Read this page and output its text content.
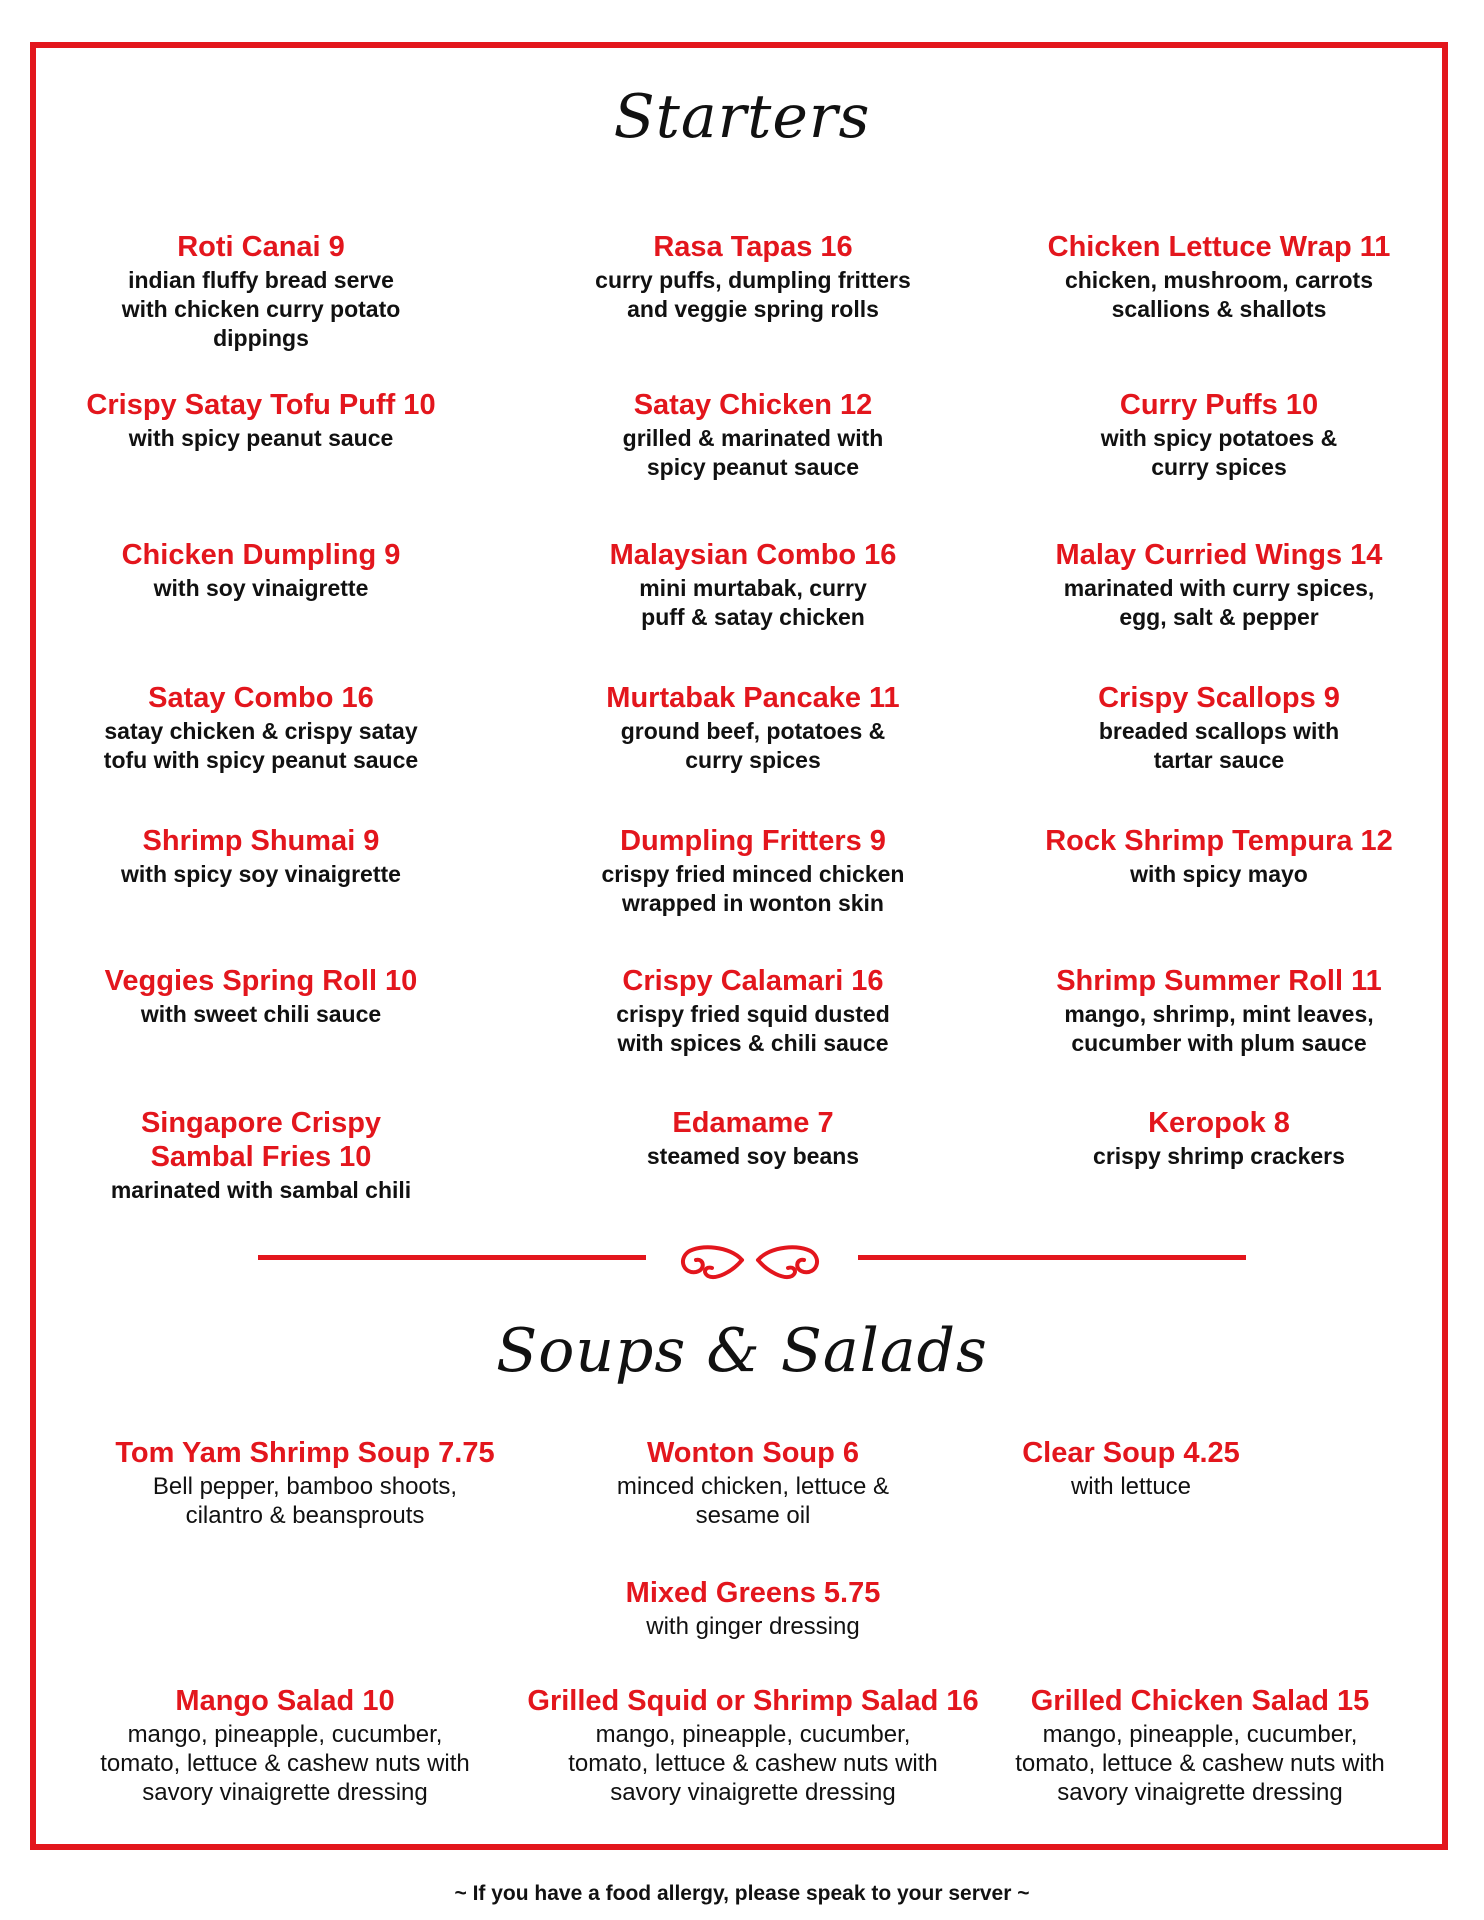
Starters
Roti Canai 9
indian fluffy bread serve with chicken curry potato dippings
Rasa Tapas 16
curry puffs, dumpling fritters and veggie spring rolls
Chicken Lettuce Wrap 11
chicken, mushroom, carrots scallions & shallots
Crispy Satay Tofu Puff 10
with spicy peanut sauce
Satay Chicken 12
grilled & marinated with spicy peanut sauce
Curry Puffs 10
with spicy potatoes & curry spices
Chicken Dumpling 9
with soy vinaigrette
Malaysian Combo 16
mini murtabak, curry puff & satay chicken
Malay Curried Wings 14
marinated with curry spices, egg, salt & pepper
Satay Combo 16
satay chicken & crispy satay tofu with spicy peanut sauce
Murtabak Pancake 11
ground beef, potatoes & curry spices
Crispy Scallops 9
breaded scallops with tartar sauce
Shrimp Shumai 9
with spicy soy vinaigrette
Dumpling Fritters 9
crispy fried minced chicken wrapped in wonton skin
Rock Shrimp Tempura 12
with spicy mayo
Veggies Spring Roll 10
with sweet chili sauce
Crispy Calamari 16
crispy fried squid dusted with spices & chili sauce
Shrimp Summer Roll 11
mango, shrimp, mint leaves, cucumber with plum sauce
Singapore Crispy Sambal Fries 10
marinated with sambal chili
Edamame 7
steamed soy beans
Keropok 8
crispy shrimp crackers
Soups & Salads
Tom Yam Shrimp Soup 7.75
Bell pepper, bamboo shoots, cilantro & beansprouts
Wonton Soup 6
minced chicken, lettuce & sesame oil
Clear Soup 4.25
with lettuce
Mixed Greens 5.75
with ginger dressing
Mango Salad 10
mango, pineapple, cucumber, tomato, lettuce & cashew nuts with savory vinaigrette dressing
Grilled Squid or Shrimp Salad 16
mango, pineapple, cucumber, tomato, lettuce & cashew nuts with savory vinaigrette dressing
Grilled Chicken Salad 15
mango, pineapple, cucumber, tomato, lettuce & cashew nuts with savory vinaigrette dressing
~ If you have a food allergy, please speak to your server ~
